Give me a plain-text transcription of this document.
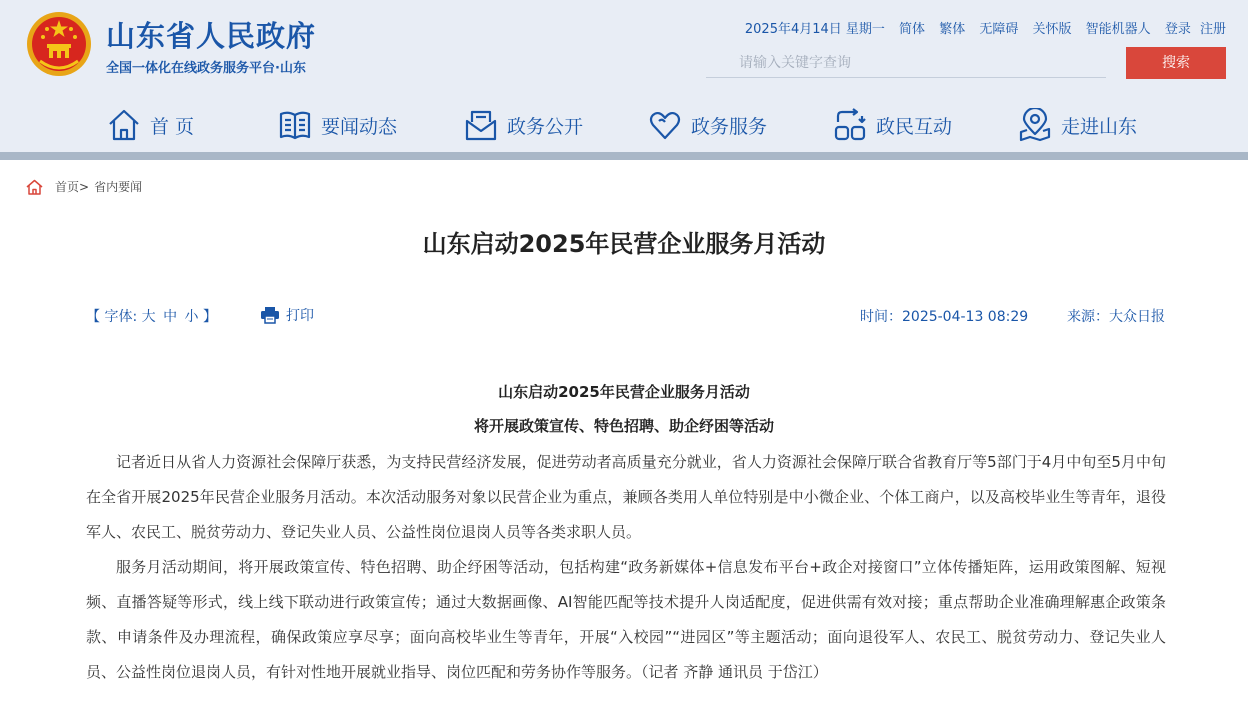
山东省人民政府
全国一体化在线政务服务平台·山东
2025年4月14日 星期一 简体 繁体 无障碍 关怀版 智能机器人 登录 注册
请输入关键字查询
搜索
首 页	要闻动态	政务公开	政务服务	政民互动	走进山东
首页> 省内要闻
山东启动2025年民营企业服务月活动
【 字体: 大 中 小 】	打印	时间：2025-04-13 08:29	来源：大众日报
山东启动2025年民营企业服务月活动
将开展政策宣传、特色招聘、助企纾困等活动

记者近日从省人力资源社会保障厅获悉，为支持民营经济发展，促进劳动者高质量充分就业，省人力资源社会保障厅联合省教育厅等5部门于4月中旬至5月中旬在全省开展2025年民营企业服务月活动。本次活动服务对象以民营企业为重点，兼顾各类用人单位特别是中小微企业、个体工商户，以及高校毕业生等青年，退役军人、农民工、脱贫劳动力、登记失业人员、公益性岗位退岗人员等各类求职人员。

服务月活动期间，将开展政策宣传、特色招聘、助企纾困等活动，包括构建“政务新媒体+信息发布平台+政企对接窗口”立体传播矩阵，运用政策图解、短视频、直播答疑等形式，线上线下联动进行政策宣传；通过大数据画像、AI智能匹配等技术提升人岗适配度，促进供需有效对接；重点帮助企业准确理解惠企政策条款、申请条件及办理流程，确保政策应享尽享；面向高校毕业生等青年，开展“入校园”“进园区”等主题活动；面向退役军人、农民工、脱贫劳动力、登记失业人员、公益性岗位退岗人员，有针对性地开展就业指导、岗位匹配和劳务协作等服务。（记者 齐静 通讯员 于岱江）
